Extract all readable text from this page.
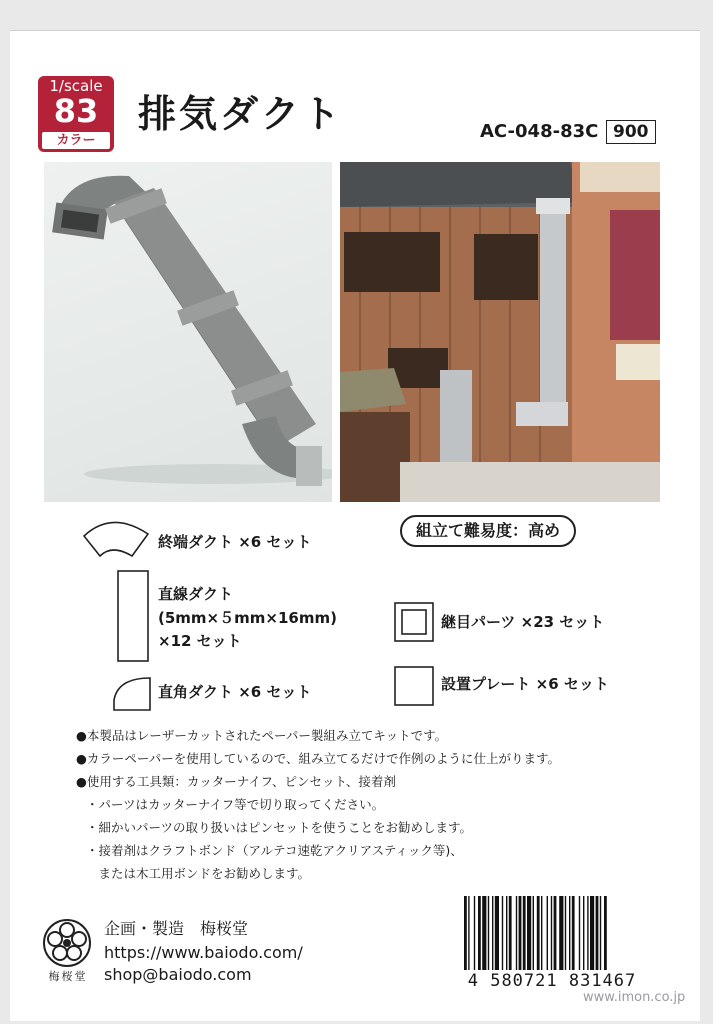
1/scale
83
カラー
排気ダクト	AC-048-83C 900
組立て難易度：高め
終端ダクト ×6 セット
直線ダクト
(5mm×５mm×16mm)
×12 セット
直角ダクト ×6 セット
継目パーツ ×23 セット
設置プレート ×6 セット
●本製品はレーザーカットされたペーパー製組み立てキットです。
●カラーペーパーを使用しているので、組み立てるだけで作例のように仕上がります。
●使用する工具類：カッターナイフ、ピンセット、接着剤
・パーツはカッターナイフ等で切り取ってください。
・細かいパーツの取り扱いはピンセットを使うことをお勧めします。
・接着剤はクラフトボンド（アルテコ速乾アクリアスティック等)、
　または木工用ボンドをお勧めします。
梅桜堂
企画・製造　梅桜堂
https://www.baiodo.com/
shop@baiodo.com	4 580721 831467
www.imon.co.jp
